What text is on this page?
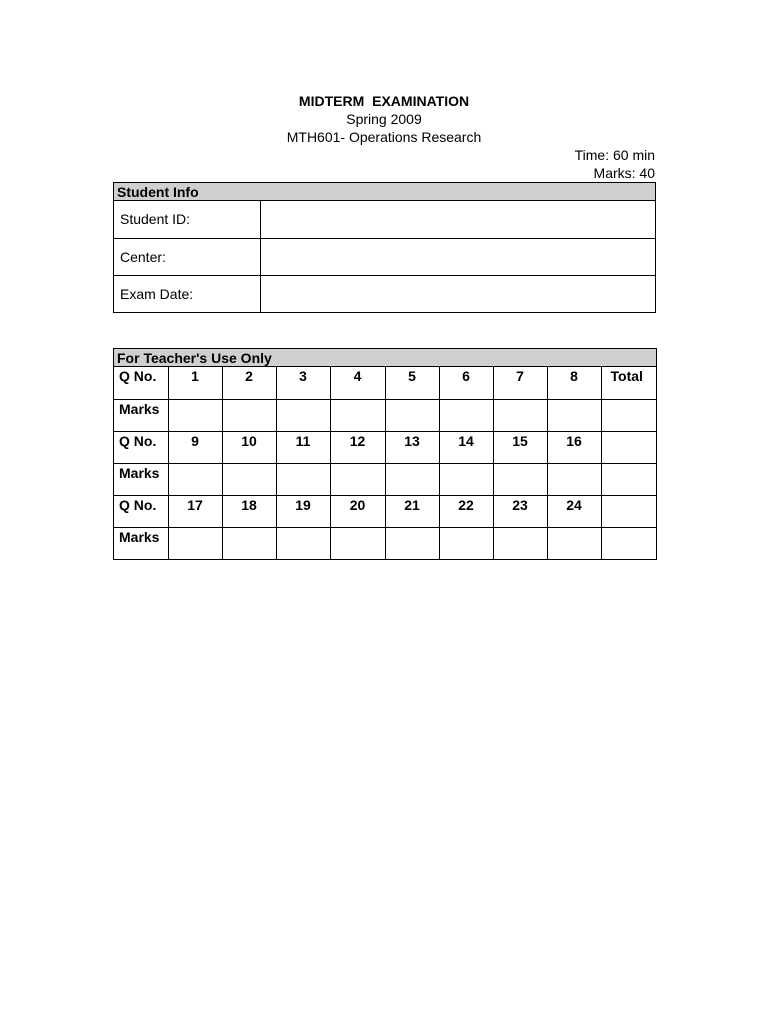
MIDTERM EXAMINATION
Spring 2009
MTH601- Operations Research
Time: 60 min
Marks: 40
Student Info
Student ID:	
Center:	
Exam Date:	
For Teacher's Use Only
Q No.	1	2	3	4	5	6	7	8	Total
Marks									
Q No.	9	10	11	12	13	14	15	16	
Marks									
Q No.	17	18	19	20	21	22	23	24	
Marks									
